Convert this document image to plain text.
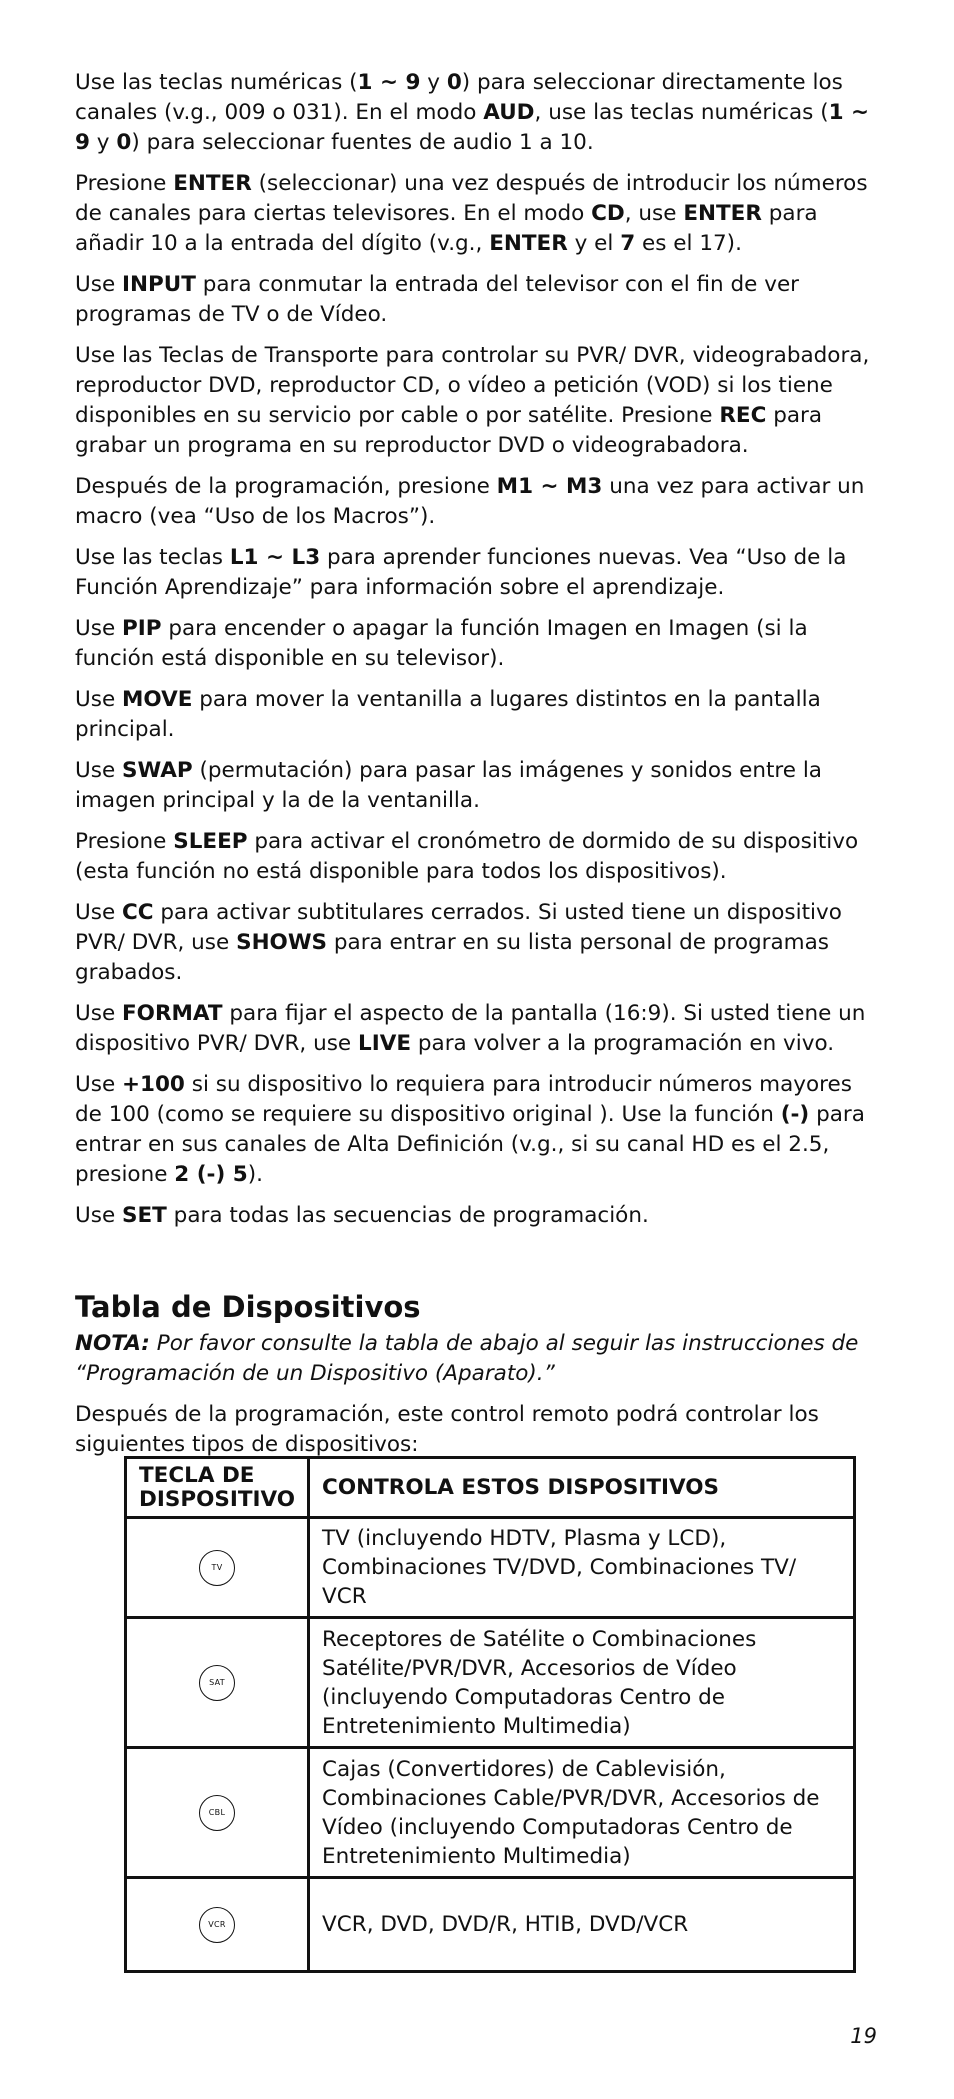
Use las teclas numéricas (1 ~ 9 y 0) para seleccionar directamente los canales (v.g., 009 o 031). En el modo AUD, use las teclas numéricas (1 ~ 9 y 0) para seleccionar fuentes de audio 1 a 10.
Presione ENTER (seleccionar) una vez después de introducir los números de canales para ciertas televisores. En el modo CD, use ENTER para añadir 10 a la entrada del dígito (v.g., ENTER y el 7 es el 17).
Use INPUT para conmutar la entrada del televisor con el fin de ver programas de TV o de Vídeo.
Use las Teclas de Transporte para controlar su PVR/ DVR, videograbadora, reproductor DVD, reproductor CD, o vídeo a petición (VOD) si los tiene disponibles en su servicio por cable o por satélite. Presione REC para grabar un programa en su reproductor DVD o videograbadora.
Después de la programación, presione M1 ~ M3 una vez para activar un macro (vea “Uso de los Macros”).
Use las teclas L1 ~ L3 para aprender funciones nuevas. Vea “Uso de la Función Aprendizaje” para información sobre el aprendizaje.
Use PIP para encender o apagar la función Imagen en Imagen (si la función está disponible en su televisor).
Use MOVE para mover la ventanilla a lugares distintos en la pantalla principal.
Use SWAP (permutación) para pasar las imágenes y sonidos entre la imagen principal y la de la ventanilla.
Presione SLEEP para activar el cronómetro de dormido de su dispositivo (esta función no está disponible para todos los dispositivos).
Use CC para activar subtitulares cerrados. Si usted tiene un dispositivo PVR/ DVR, use SHOWS para entrar en su lista personal de programas grabados.
Use FORMAT para fijar el aspecto de la pantalla (16:9). Si usted tiene un dispositivo PVR/ DVR, use LIVE para volver a la programación en vivo.
Use +100 si su dispositivo lo requiera para introducir números mayores de 100 (como se requiere su dispositivo original ). Use la función (-) para entrar en sus canales de Alta Definición (v.g., si su canal HD es el 2.5, presione 2 (-) 5).
Use SET para todas las secuencias de programación.
Tabla de Dispositivos
NOTA: Por favor consulte la tabla de abajo al seguir las instrucciones de “Programación de un Dispositivo (Aparato).”
Después de la programación, este control remoto podrá controlar los siguientes tipos de dispositivos:
TECLA DE DISPOSITIVO	CONTROLA ESTOS DISPOSITIVOS
TV	TV (incluyendo HDTV, Plasma y LCD), Combinaciones TV/DVD, Combinaciones TV/ VCR
SAT	Receptores de Satélite o Combinaciones Satélite/PVR/DVR, Accesorios de Vídeo (incluyendo Computadoras Centro de Entretenimiento Multimedia)
CBL	Cajas (Convertidores) de Cablevisión, Combinaciones Cable/PVR/DVR, Accesorios de Vídeo (incluyendo Computadoras Centro de Entretenimiento Multimedia)
VCR	VCR, DVD, DVD/R, HTIB, DVD/VCR
19
